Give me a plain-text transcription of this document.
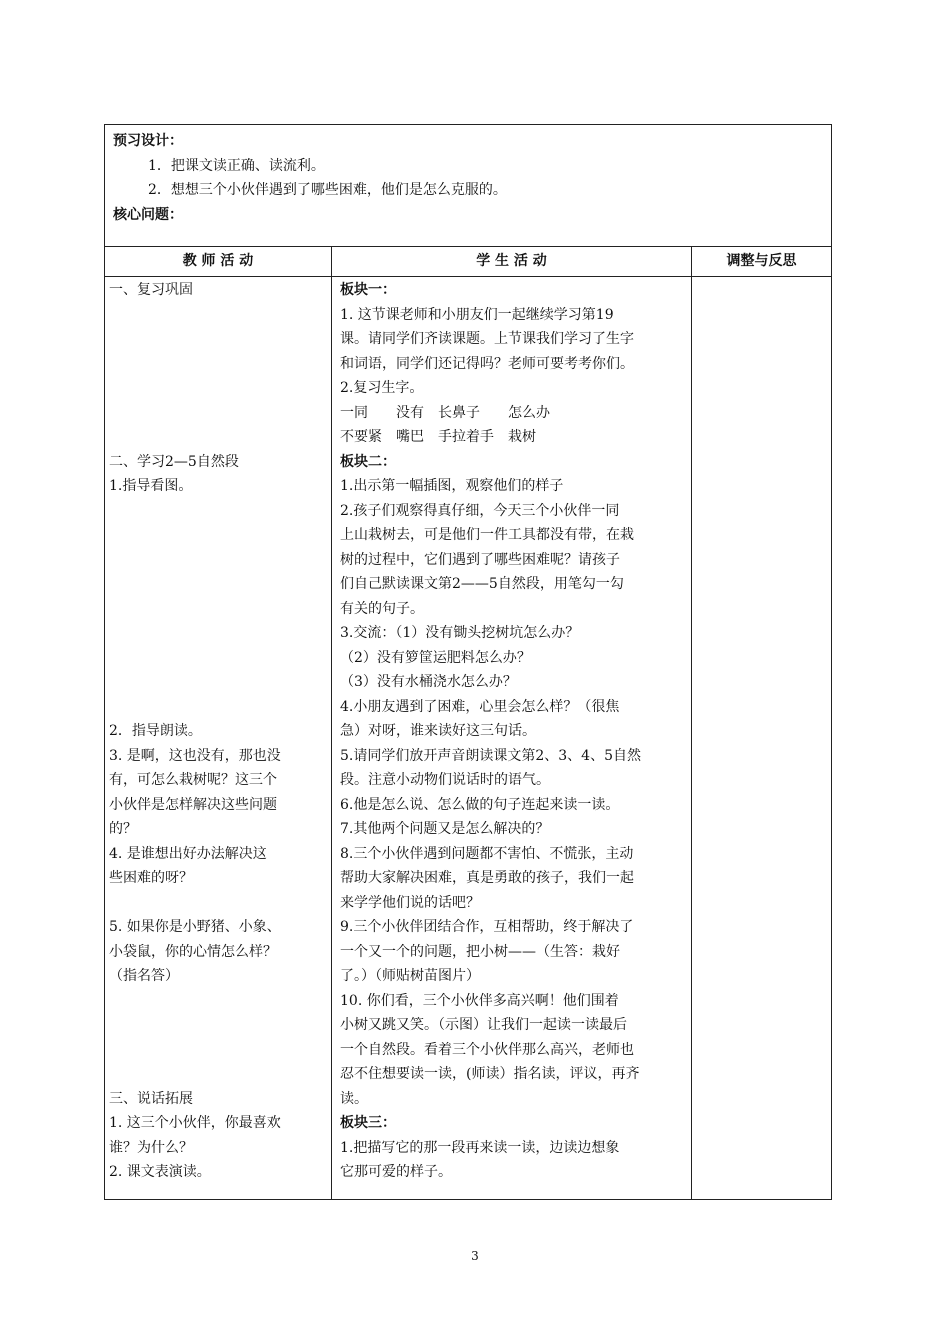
预习设计：
1．把课文读正确、读流利。
2．想想三个小伙伴遇到了哪些困难，他们是怎么克服的。
核心问题：
教 师 活 动	学 生 活 动	调整与反思
一、复习巩固
二、学习2—5自然段
1.指导看图。
2．指导朗读。
3. 是啊，这也没有，那也没
有，可怎么栽树呢？这三个
小伙伴是怎样解决这些问题
的？
4. 是谁想出好办法解决这
些困难的呀？
5. 如果你是小野猪、小象、
小袋鼠，你的心情怎么样？
（指名答）
三、说话拓展
1. 这三个小伙伴，你最喜欢
谁？为什么？
2. 课文表演读。
板块一：
1. 这节课老师和小朋友们一起继续学习第19
课。请同学们齐读课题。上节课我们学习了生字
和词语，同学们还记得吗？老师可要考考你们。
2.复习生字。
一同　　没有　长鼻子　　怎么办
不要紧　嘴巴　手拉着手　栽树
板块二：
1.出示第一幅插图，观察他们的样子
2.孩子们观察得真仔细，今天三个小伙伴一同
上山栽树去，可是他们一件工具都没有带，在栽
树的过程中，它们遇到了哪些困难呢？请孩子
们自己默读课文第2——5自然段，用笔勾一勾
有关的句子。
3.交流：（1）没有锄头挖树坑怎么办？
（2）没有箩筐运肥料怎么办？
（3）没有水桶浇水怎么办？
4.小朋友遇到了困难，心里会怎么样？（很焦
急）对呀，谁来读好这三句话。
5.请同学们放开声音朗读课文第2、3、4、5自然
段。注意小动物们说话时的语气。
6.他是怎么说、怎么做的句子连起来读一读。
7.其他两个问题又是怎么解决的？
8.三个小伙伴遇到问题都不害怕、不慌张，主动
帮助大家解决困难，真是勇敢的孩子，我们一起
来学学他们说的话吧？
9.三个小伙伴团结合作，互相帮助，终于解决了
一个又一个的问题，把小树——（生答：栽好
了。）（师贴树苗图片）
10. 你们看，三个小伙伴多高兴啊！他们围着
小树又跳又笑。（示图）让我们一起读一读最后
一个自然段。看着三个小伙伴那么高兴，老师也
忍不住想要读一读，(师读）指名读，评议，再齐
读。
板块三：
1.把描写它的那一段再来读一读，边读边想象
它那可爱的样子。
3
